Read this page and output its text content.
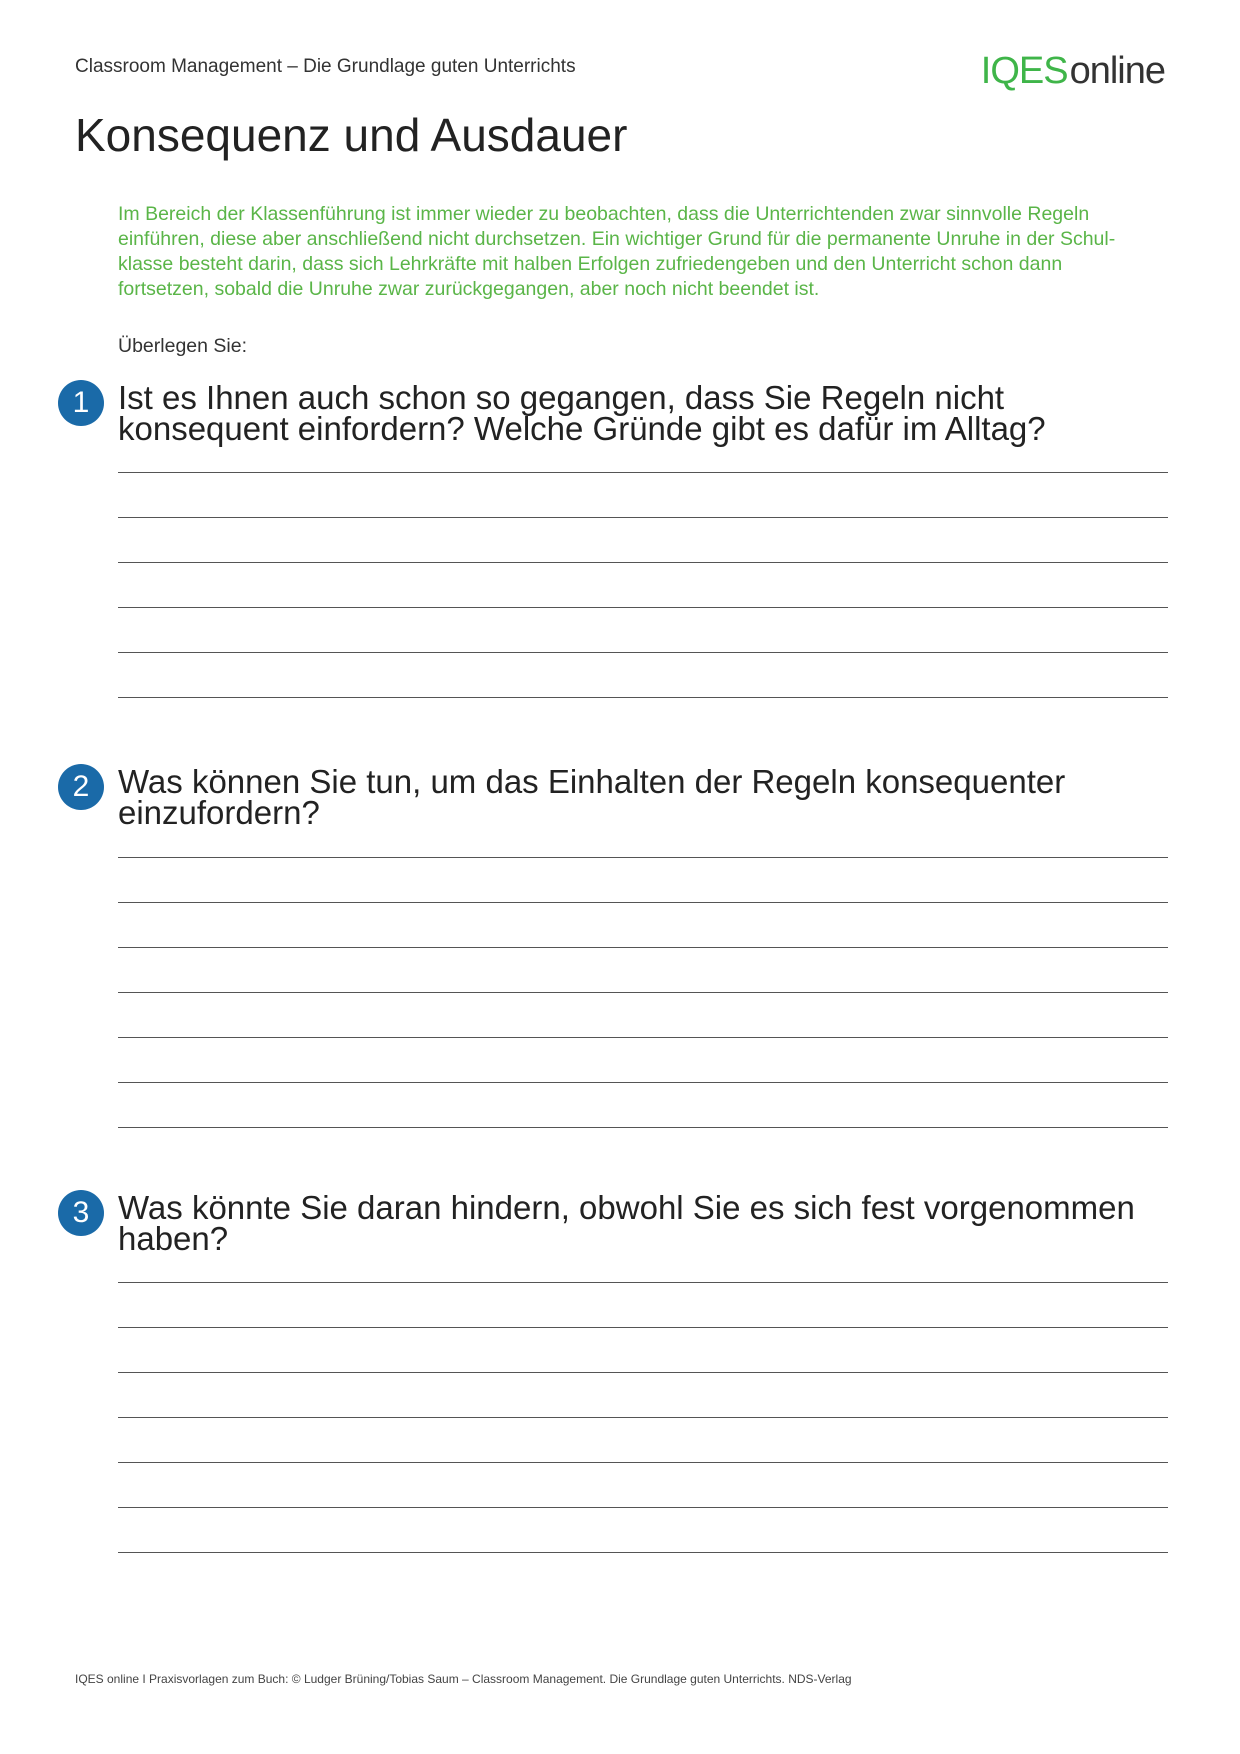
Classroom Management – Die Grundlage guten Unterrichts	IQESonline
Konsequenz und Ausdauer
Im Bereich der Klassenführung ist immer wieder zu beobachten, dass die Unterrichtenden zwar sinnvolle Regeln einführen, diese aber anschließend nicht durchsetzen. Ein wichtiger Grund für die permanente Unruhe in der Schulklasse besteht darin, dass sich Lehrkräfte mit halben Erfolgen zufriedengeben und den Unterricht schon dann fortsetzen, sobald die Unruhe zwar zurückgegangen, aber noch nicht beendet ist.
Überlegen Sie:
1 Ist es Ihnen auch schon so gegangen, dass Sie Regeln nicht konsequent einfordern? Welche Gründe gibt es dafür im Alltag?
2 Was können Sie tun, um das Einhalten der Regeln konsequenter einzufordern?
3 Was könnte Sie daran hindern, obwohl Sie es sich fest vorgenommen haben?
IQES online I Praxisvorlagen zum Buch: © Ludger Brüning/Tobias Saum – Classroom Management. Die Grundlage guten Unterrichts. NDS-Verlag
